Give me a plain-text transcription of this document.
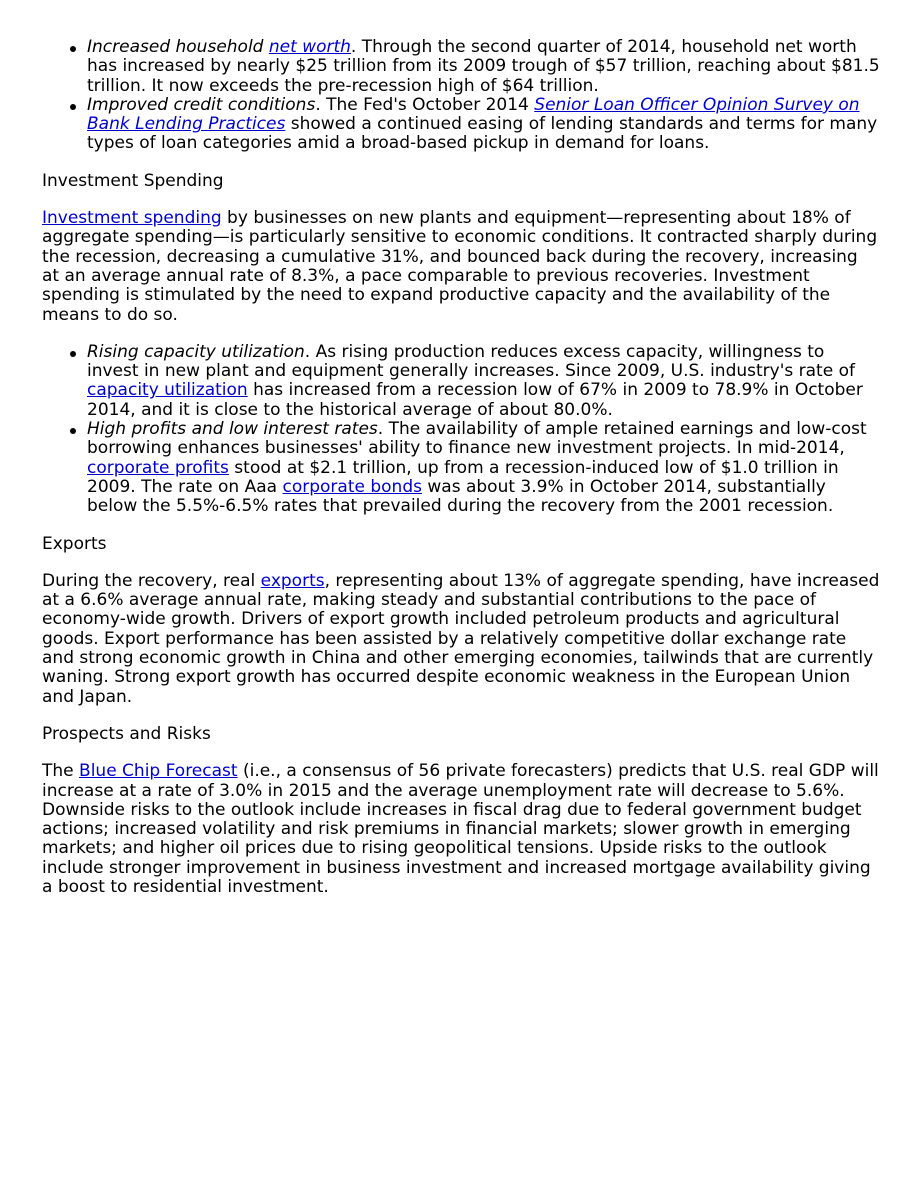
Increased household net worth. Through the second quarter of 2014, household net worth has increased by nearly $25 trillion from its 2009 trough of $57 trillion, reaching about $81.5 trillion. It now exceeds the pre-recession high of $64 trillion.
Improved credit conditions. The Fed's October 2014 Senior Loan Officer Opinion Survey on Bank Lending Practices showed a continued easing of lending standards and terms for many types of loan categories amid a broad-based pickup in demand for loans.

Investment Spending

Investment spending by businesses on new plants and equipment—representing about 18% of aggregate spending—is particularly sensitive to economic conditions. It contracted sharply during the recession, decreasing a cumulative 31%, and bounced back during the recovery, increasing at an average annual rate of 8.3%, a pace comparable to previous recoveries. Investment spending is stimulated by the need to expand productive capacity and the availability of the means to do so.

Rising capacity utilization. As rising production reduces excess capacity, willingness to invest in new plant and equipment generally increases. Since 2009, U.S. industry's rate of capacity utilization has increased from a recession low of 67% in 2009 to 78.9% in October 2014, and it is close to the historical average of about 80.0%.
High profits and low interest rates. The availability of ample retained earnings and low-cost borrowing enhances businesses' ability to finance new investment projects. In mid-2014, corporate profits stood at $2.1 trillion, up from a recession-induced low of $1.0 trillion in 2009. The rate on Aaa corporate bonds was about 3.9% in October 2014, substantially below the 5.5%-6.5% rates that prevailed during the recovery from the 2001 recession.

Exports

During the recovery, real exports, representing about 13% of aggregate spending, have increased at a 6.6% average annual rate, making steady and substantial contributions to the pace of economy-wide growth. Drivers of export growth included petroleum products and agricultural goods. Export performance has been assisted by a relatively competitive dollar exchange rate and strong economic growth in China and other emerging economies, tailwinds that are currently waning. Strong export growth has occurred despite economic weakness in the European Union and Japan.

Prospects and Risks

The Blue Chip Forecast (i.e., a consensus of 56 private forecasters) predicts that U.S. real GDP will increase at a rate of 3.0% in 2015 and the average unemployment rate will decrease to 5.6%. Downside risks to the outlook include increases in fiscal drag due to federal government budget actions; increased volatility and risk premiums in financial markets; slower growth in emerging markets; and higher oil prices due to rising geopolitical tensions. Upside risks to the outlook include stronger improvement in business investment and increased mortgage availability giving a boost to residential investment.
